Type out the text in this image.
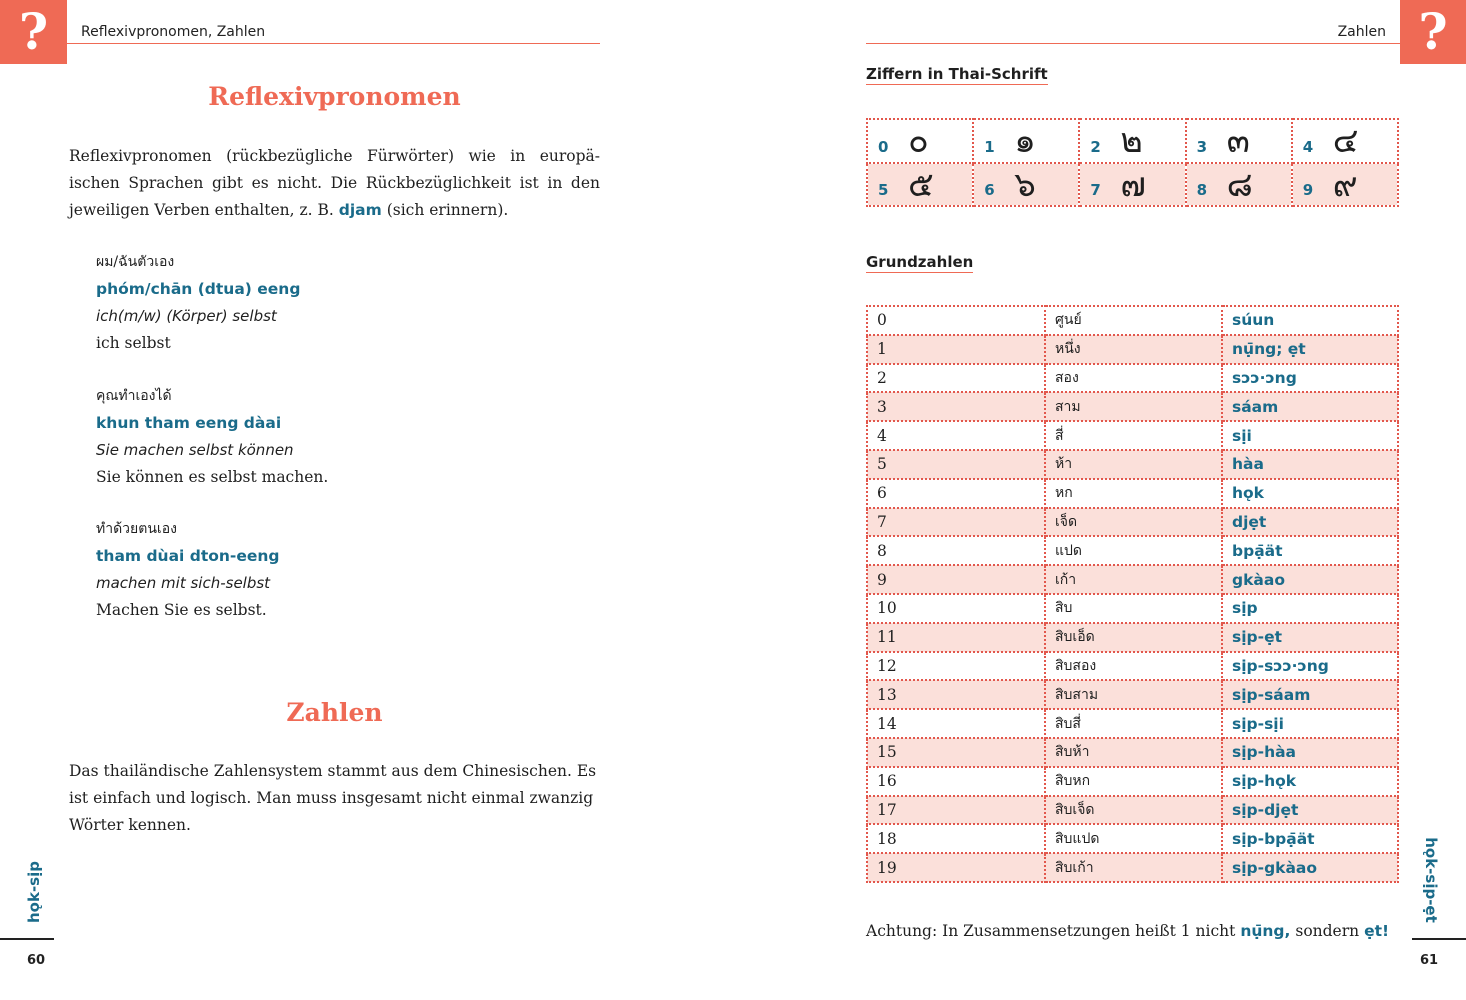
?	Reflexivpronomen, Zahlen
Reflexivpronomen
Reflexivpronomen (rückbezügliche Fürwörter) wie in europä-ischen Sprachen gibt es nicht. Die Rückbezüglichkeit ist in den jeweiligen Verben enthalten, z. B. djam (sich erinnern).
ผม/ฉันตัวเอง
phóm/chān (dtua) eeng
ich(m/w) (Körper) selbst
ich selbst
คุณทำเองได้
khun tham eeng dàai
Sie machen selbst können
Sie können es selbst machen.
ทำด้วยตนเอง
tham dùai dton-eeng
machen mit sich-selbst
Machen Sie es selbst.
Zahlen
Das thailändische Zahlensystem stammt aus dem Chinesischen. Es ist einfach und logisch. Man muss insgesamt nicht einmal zwanzig Wörter kennen.
hǫk-sịp
60
?
Zahlen
Ziffern in Thai-Schrift
0 ๐	1 ๑	2 ๒	3 ๓	4 ๔

5 ๕	6 ๖	7 ๗	8 ๘	9 ๙
Grundzahlen
0	ศูนย์	súun
1	หนึ่ง	nụ̄ng; ẹt
2	สอง	sɔɔ·ɔng
3	สาม	sáam
4	สี่	sịi
5	ห้า	hàa
6	หก	hǫk
7	เจ็ด	djẹt
8	แปด	bpạ̄ät
9	เก้า	gkàao
10	สิบ	sịp
11	สิบเอ็ด	sịp-ẹt
12	สิบสอง	sịp-sɔɔ·ɔng
13	สิบสาม	sịp-sáam
14	สิบสี่	sịp-sịi
15	สิบห้า	sịp-hàa
16	สิบหก	sịp-hǫk
17	สิบเจ็ด	sịp-djẹt
18	สิบแปด	sịp-bpạ̄ät
19	สิบเก้า	sịp-gkàao
Achtung: In Zusammensetzungen heißt 1 nicht nụ̄ng, sondern ẹt!
hǫk-sịp-ẹt
61
